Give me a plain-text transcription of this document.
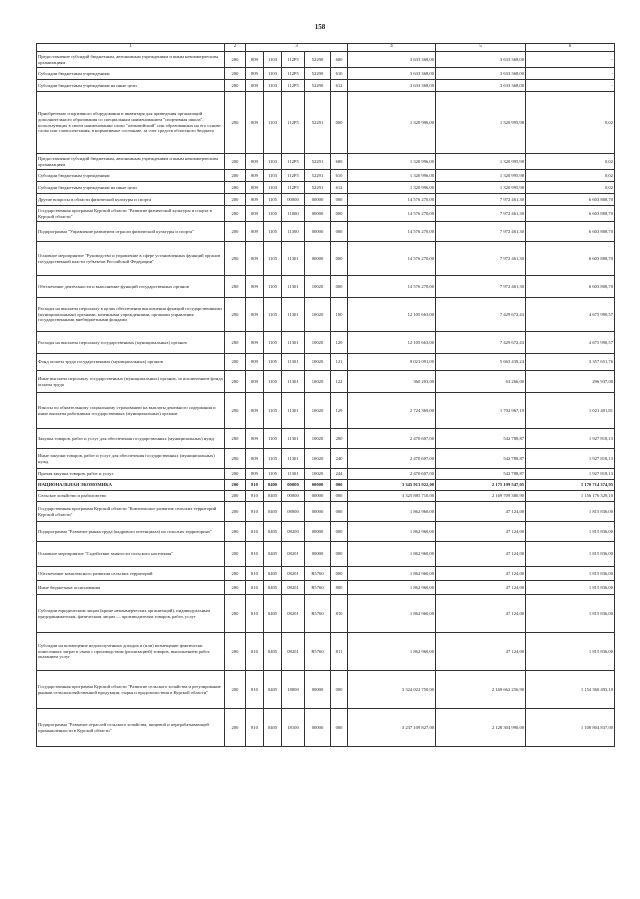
158
1	2	3					4	5	6
Предоставление субсидий бюджетным, автономным учреждениям и иным некоммерческим организациям	200	809	1103	112Р5	52290	600	3 633 368,00	3 633 368,00	-
Субсидии бюджетным учреждениям	200	809	1103	112Р5	52290	610	3 633 368,00	3 633 368,00	-
Субсидии бюджетным учреждениям на иные цели	200	809	1103	112Р5	52290	612	3 633 368,00	3 633 368,00	-
Приобретение спортивного оборудования и инвентаря для приведения организаций дополнительного образования со специальным наименованием "спортивная школа", использующих в своем наименовании слово "олимпийский" или образованных на его основе слово или словосочетания, в нормативное состояние, за счет средств областного бюджета	200	809	1103	112Р5	52291	000	1 320 996,00	1 320 995,98	0,02
Предоставление субсидий бюджетным, автономным учреждениям и иным некоммерческим организациям	200	809	1103	112Р5	52291	600	1 320 996,00	1 320 995,98	0,02
Субсидии бюджетным учреждениям	200	809	1103	112Р5	52291	610	1 320 996,00	1 320 995,98	0,02
Субсидии бюджетным учреждениям на иные цели	200	809	1103	112Р5	52291	612	1 320 996,00	1 320 995,98	0,02
Другие вопросы в области физической культуры и спорта	200	809	1105	00000	00000	000	14 576 270,00	7 972 461,30	6 603 808,70
Государственная программа Курской области "Развитие физической культуры и спорта в Курской области"	200	809	1105	11000	00000	000	14 576 270,00	7 972 461,30	6 603 808,70
Подпрограмма "Управление развитием отрасли физической культуры и спорта"	200	809	1105	11300	00000	000	14 576 270,00	7 972 461,30	6 603 808,70
Основное мероприятие "Руководство и управление в сфере установленных функций органов государственной власти субъектов Российской Федерации"	200	809	1105	11301	00000	000	14 576 270,00	7 972 461,30	6 603 808,70
Обеспечение деятельности и выполнение функций государственных органов	200	809	1105	11301	10020	000	14 576 270,00	7 972 461,30	6 603 808,70
Расходы на выплаты персоналу в целях обеспечения выполнения функций государственными (муниципальными) органами, казенными учреждениями, органами управления государственными внебюджетными фондами	200	809	1105	11301	10020	100	12 105 663,00	7 429 672,43	4 675 990,57
Расходы на выплаты персоналу государственных (муниципальных) органов	200	809	1105	11301	10020	120	12 105 663,00	7 429 672,43	4 675 990,57
Фонд оплаты труда государственных (муниципальных) органов	200	809	1105	11301	10020	121	9 021 091,00	5 663 439,24	3 357 651,76
Иные выплаты персоналу государственных (муниципальных) органов, за исключением фонда оплаты труда	200	809	1105	11301	10020	122	360 203,00	63 266,00	296 937,00
Взносы по обязательному социальному страхованию на выплаты денежного содержания и иные выплаты работникам государственных (муниципальных) органов	200	809	1105	11301	10020	129	2 724 369,00	1 702 967,19	1 021 401,81
Закупка товаров, работ и услуг для обеспечения государственных (муниципальных) нужд	200	809	1105	11301	10020	200	2 470 607,00	542 788,87	1 927 818,13
Иные закупки товаров, работ и услуг для обеспечения государственных (муниципальных) нужд	200	809	1105	11301	10020	240	2 470 607,00	542 788,87	1 927 818,13
Прочая закупка товаров, работ и услуг	200	809	1105	11301	10020	244	2 470 607,00	542 788,87	1 927 818,13
НАЦИОНАЛЬНАЯ ЭКОНОМИКА	200	810	0400	00000	00000	000	3 345 913 922,00	2 175 199 547,05	1 170 714 374,95
Сельское хозяйство и рыболовство	200	810	0405	00000	00000	000	3 325 885 710,00	2 169 709 380,90	1 156 176 329,10
Государственная программа Курской области "Комплексное развитие сельских территорий Курской области"	200	810	0405	08000	00000	000	1 862 960,00	47 124,00	1 815 836,00
Подпрограмма "Развитие рынка труда (кадрового потенциала) на сельских территориях"	200	810	0405	08200	00000	000	1 862 960,00	47 124,00	1 815 836,00
Основное мероприятие "Содействие занятости сельского населения"	200	810	0405	08201	00000	000	1 862 960,00	47 124,00	1 815 836,00
Обеспечение комплексного развития сельских территорий	200	810	0405	08201	R5760	000	1 862 960,00	47 124,00	1 815 836,00
Иные бюджетные ассигнования	200	810	0405	08201	R5760	800	1 862 960,00	47 124,00	1 815 836,00
Субсидии юридическим лицам (кроме некоммерческих организаций), индивидуальным предпринимателям, физическим лицам — производителям товаров, работ, услуг	200	810	0405	08201	R5760	810	1 862 960,00	47 124,00	1 815 836,00
Субсидии на возмещение недополученных доходов и (или) возмещение фактически понесенных затрат в связи с производством (реализацией) товаров, выполнением работ, оказанием услуг	200	810	0405	08201	R5760	811	1 862 960,00	47 124,00	1 815 836,00
Государственная программа Курской области "Развитие сельского хозяйства и регулирование рынков сельскохозяйственной продукции, сырья и продовольствия в Курской области"	200	810	0405	18000	00000	000	3 324 022 750,00	2 169 662 256,90	1 154 360 493,10
Подпрограмма "Развитие отраслей сельского хозяйства, пищевой и перерабатывающей промышленности в Курской области"	200	810	0405	18100	00000	000	3 237 109 827,00	2 128 304 990,00	1 108 804 837,00
